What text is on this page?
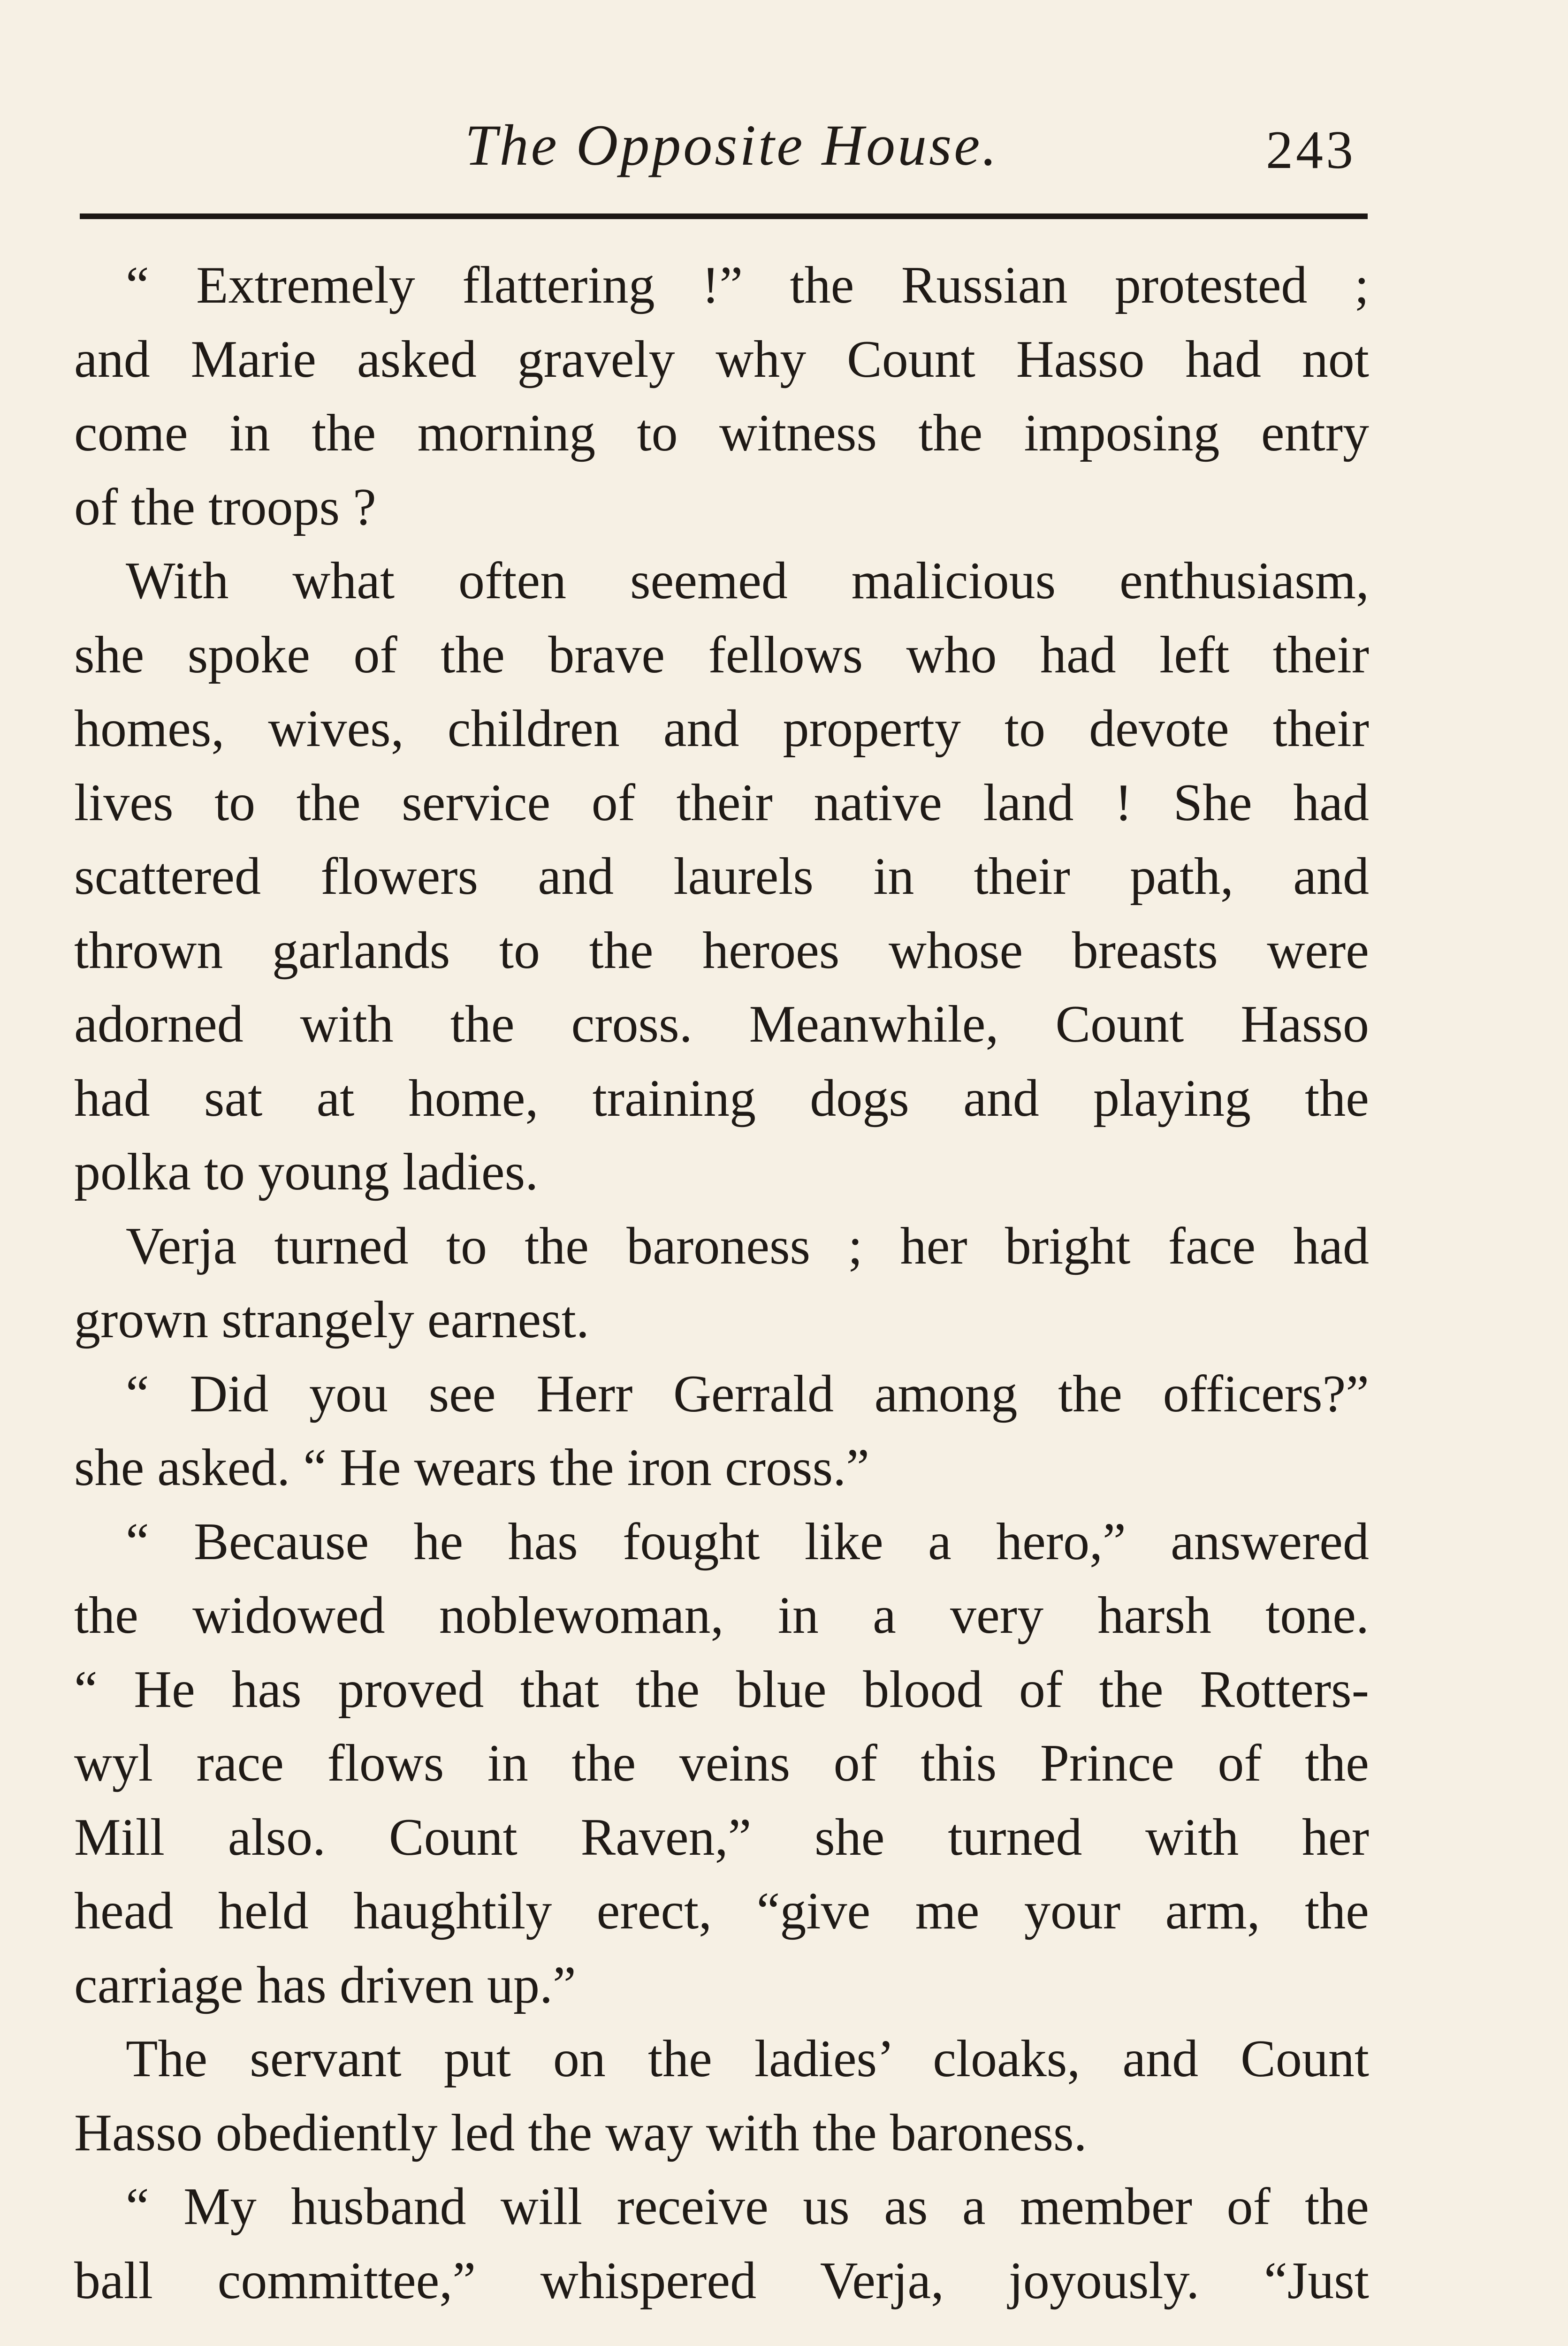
The Opposite House.	243
“ Extremely flattering !” the Russian protested ;
and Marie asked gravely why Count Hasso had not
come in the morning to witness the imposing entry
of the troops ?
With what often seemed malicious enthusiasm,
she spoke of the brave fellows who had left their
homes, wives, children and property to devote their
lives to the service of their native land ! She had
scattered flowers and laurels in their path, and
thrown garlands to the heroes whose breasts were
adorned with the cross. Meanwhile, Count Hasso
had sat at home, training dogs and playing the
polka to young ladies.
Verja turned to the baroness ; her bright face had
grown strangely earnest.
“ Did you see Herr Gerrald among the officers?”
she asked. “ He wears the iron cross.”
“ Because he has fought like a hero,” answered
the widowed noblewoman, in a very harsh tone.
“ He has proved that the blue blood of the Rotters-
wyl race flows in the veins of this Prince of the
Mill also. Count Raven,” she turned with her
head held haughtily erect, “give me your arm, the
carriage has driven up.”
The servant put on the ladies’ cloaks, and Count
Hasso obediently led the way with the baroness.
“ My husband will receive us as a member of the
ball committee,” whispered Verja, joyously. “Just
